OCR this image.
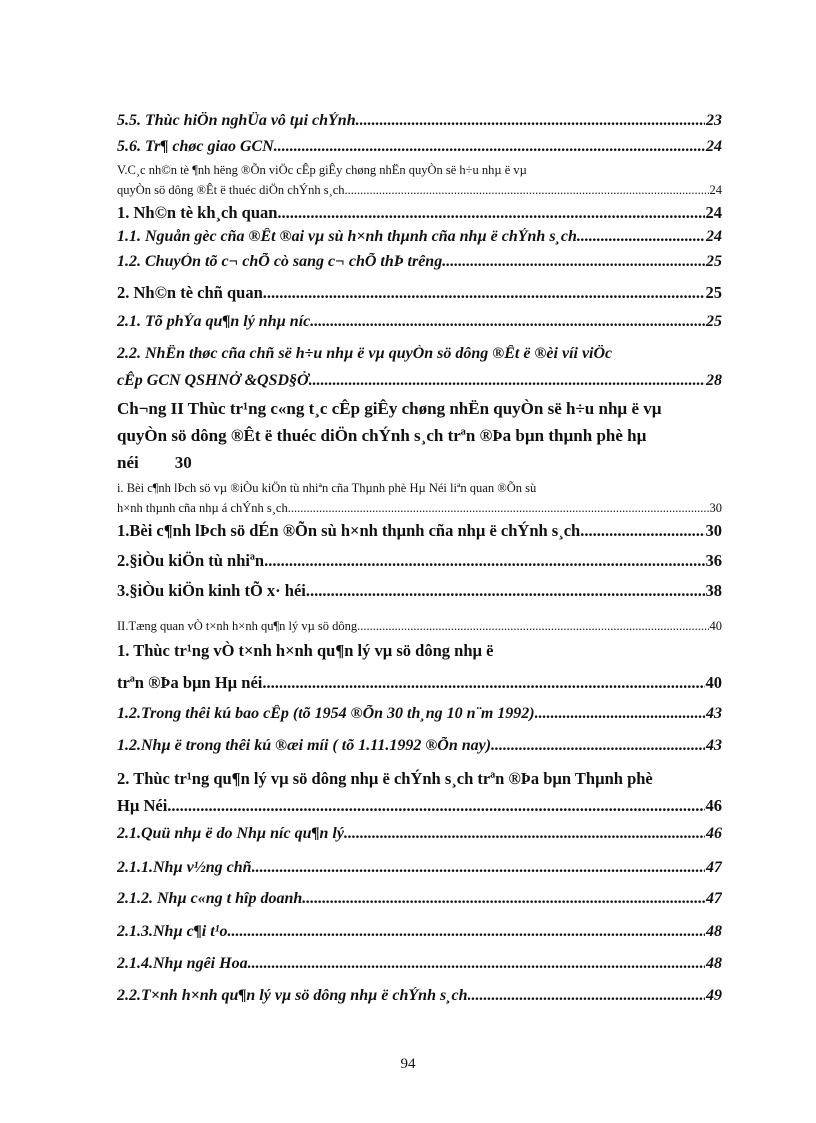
5.5. Thùc hiÖn nghÜa vô tµi chÝnh. .....	23
5.6. Tr¶ chøc giao GCN. .....	24
V.C¸c nh©n tè ¶nh hëng ®Õn viÖc cÊp giÊy chøng nhËn quyÒn së h÷u nhµ ë vµ
quyÒn sö dông ®Êt ë thuéc diÖn chÝnh s¸ch .....	24
1. Nh©n tè kh¸ch quan .....	24
1.1. Nguån gèc cña ®Êt ®ai vµ sù h×nh thµnh cña nhµ ë chÝnh s¸ch .....	24
1.2. ChuyÓn tõ c¬ chÕ cò sang c¬ chÕ thÞ trêng. .....	25
2. Nh©n tè chñ quan .....	25
2.1. Tõ phÝa qu¶n lý nhµ níc .....	25
2.2. NhËn thøc cña chñ së h÷u nhµ ë vµ quyÒn sö dông ®Êt ë ®èi víi viÖc
cÊp GCN QSHNỞ &QSD§Ở .....	28
Ch¬ng II Thùc tr¹ng c«ng t¸c cÊp giÊy chøng nhËn quyÒn së h÷u nhµ ë vµ
quyÒn sö dông ®Êt ë thuéc diÖn chÝnh s¸ch trªn ®Þa bµn thµnh phè hµ
néi 30
i. Bèi c¶nh lÞch sö vµ ®iÒu kiÖn tù nhiªn cña Thµnh phè Hµ Néi liªn quan ®Õn sù
h×nh thµnh cña nhµ á chÝnh s¸ch .....	30
1.Bèi c¶nh lÞch sö dÉn ®Õn sù h×nh thµnh cña nhµ ë chÝnh s¸ch .....	30
2.§iÒu kiÖn tù nhiªn .....	36
3.§iÒu kiÖn kinh tÕ x· héi .....	38
II.Tæng quan vÒ t×nh h×nh qu¶n lý vµ sö dông. .....	40
1. Thùc tr¹ng vÒ t×nh h×nh qu¶n lý vµ sö dông nhµ ë
trªn ®Þa bµn Hµ néi .....	40
1.2.Trong thêi kú bao cÊp (tõ 1954 ®Õn 30 th¸ng 10 n¨m 1992) .....	43
1.2.Nhµ ë trong thêi kú ®æi míi ( tõ 1.11.1992 ®Õn nay) .....	43
2. Thùc tr¹ng qu¶n lý vµ sö dông nhµ ë chÝnh s¸ch trªn ®Þa bµn Thµnh phè
Hµ Néi .....	46
2.1.Quü nhµ ë do Nhµ níc qu¶n lý .....	46
2.1.1.Nhµ v½ng chñ .....	47
2.1.2. Nhµ c«ng t hîp doanh .....	47
2.1.3.Nhµ c¶i t¹o .....	48
2.1.4.Nhµ ngêi Hoa .....	48
2.2.T×nh h×nh qu¶n lý vµ sö dông nhµ ë chÝnh s¸ch .....	49
94
